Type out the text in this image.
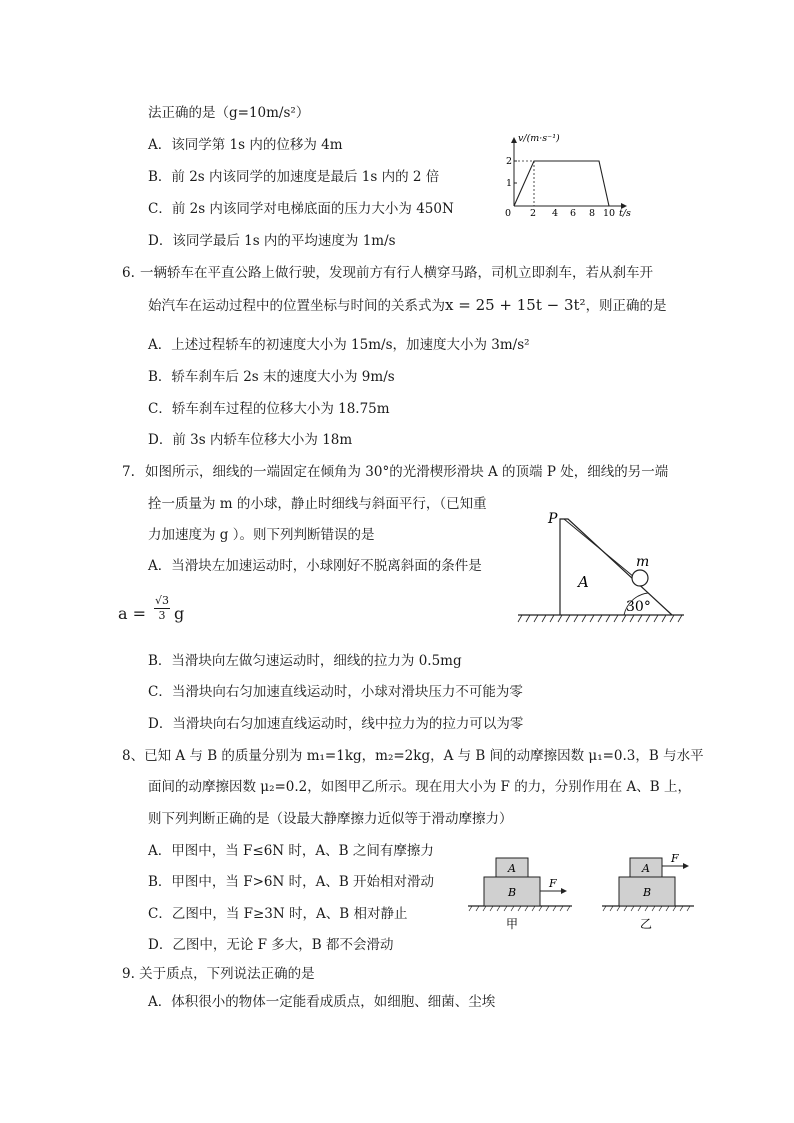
法正确的是（g=10m/s²）
A．该同学第 1s 内的位移为 4m
B．前 2s 内该同学的加速度是最后 1s 内的 2 倍
C．前 2s 内该同学对电梯底面的压力大小为 450N
D．该同学最后 1s 内的平均速度为 1m/s
v/(m·s⁻¹)
t/s
0
1
2
2 4 6 8 10
6. 一辆轿车在平直公路上做行驶，发现前方有行人横穿马路，司机立即刹车，若从刹车开
始汽车在运动过程中的位置坐标与时间的关系式为x = 25 + 15t − 3t²，则正确的是
A．上述过程轿车的初速度大小为 15m/s，加速度大小为 3m/s²
B．轿车刹车后 2s 末的速度大小为 9m/s
C．轿车刹车过程的位移大小为 18.75m
D．前 3s 内轿车位移大小为 18m
7. 如图所示，细线的一端固定在倾角为 30°的光滑楔形滑块 A 的顶端 P 处，细线的另一端
拴一质量为 m 的小球，静止时细线与斜面平行，（已知重
力加速度为 g ）。则下列判断错误的是
A．当滑块左加速运动时，小球刚好不脱离斜面的条件是
$a = \frac{√3}{3}$ g
P
m
A
30°
B．当滑块向左做匀速运动时，细线的拉力为 0.5mg
C．当滑块向右匀加速直线运动时，小球对滑块压力不可能为零
D．当滑块向右匀加速直线运动时，线中拉力为的拉力可以为零
8、已知 A 与 B 的质量分别为 m₁=1kg，m₂=2kg，A 与 B 间的动摩擦因数 μ₁=0.3，B 与水平
面间的动摩擦因数 μ₂=0.2，如图甲乙所示。现在用大小为 F 的力，分别作用在 A、B 上，
则下列判断正确的是（设最大静摩擦力近似等于滑动摩擦力）
A．甲图中，当 F≤6N 时，A、B 之间有摩擦力
B．甲图中，当 F>6N 时，A、B 开始相对滑动
C．乙图中，当 F≥3N 时，A、B 相对静止
D．乙图中，无论 F 多大，B 都不会滑动
A
B
F
甲
A
B
F
乙
9. 关于质点，下列说法正确的是
A．体积很小的物体一定能看成质点，如细胞、细菌、尘埃
